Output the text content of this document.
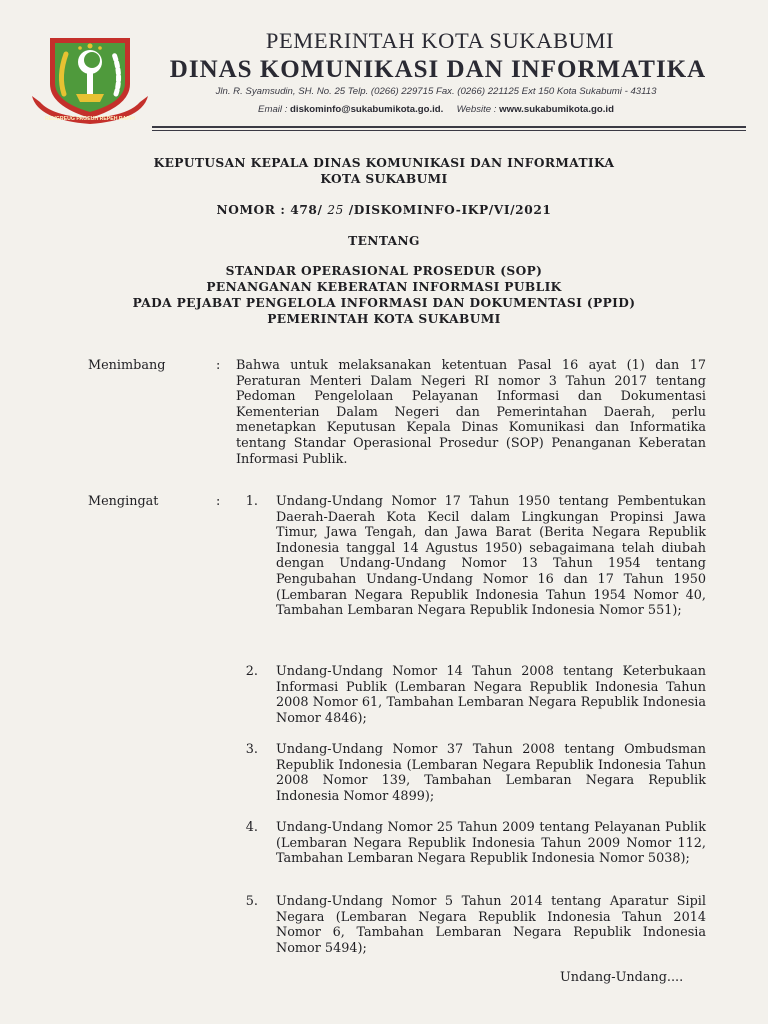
REUGREUG PAGEUH REPEH RAPIH
PEMERINTAH KOTA SUKABUMI
DINAS KOMUNIKASI DAN INFORMATIKA
Jln. R. Syamsudin, SH. No. 25 Telp. (0266) 229715 Fax. (0266) 221125 Ext 150 Kota Sukabumi - 43113
Email : diskominfo@sukabumikota.go.id. Website : www.sukabumikota.go.id
KEPUTUSAN KEPALA DINAS KOMUNIKASI DAN INFORMATIKA
KOTA SUKABUMI
NOMOR : 478/ 25 /DISKOMINFO-IKP/VI/2021
TENTANG
STANDAR OPERASIONAL PROSEDUR (SOP)
PENANGANAN KEBERATAN INFORMASI PUBLIK
PADA PEJABAT PENGELOLA INFORMASI DAN DOKUMENTASI (PPID)
PEMERINTAH KOTA SUKABUMI
Menimbang	: Bahwa untuk melaksanakan ketentuan Pasal 16 ayat (1) dan 17 Peraturan Menteri Dalam Negeri RI nomor 3 Tahun 2017 tentang Pedoman Pengelolaan Pelayanan Informasi dan Dokumentasi Kementerian Dalam Negeri dan Pemerintahan Daerah, perlu menetapkan Keputusan Kepala Dinas Komunikasi dan Informatika tentang Standar Operasional Prosedur (SOP) Penanganan Keberatan Informasi Publik.
Mengingat	:	1. Undang-Undang Nomor 17 Tahun 1950 tentang Pembentukan Daerah-Daerah Kota Kecil dalam Lingkungan Propinsi Jawa Timur, Jawa Tengah, dan Jawa Barat (Berita Negara Republik Indonesia tanggal 14 Agustus 1950) sebagaimana telah diubah dengan Undang-Undang Nomor 13 Tahun 1954 tentang Pengubahan Undang-Undang Nomor 16 dan 17 Tahun 1950 (Lembaran Negara Republik Indonesia Tahun 1954 Nomor 40, Tambahan Lembaran Negara Republik Indonesia Nomor 551);
2. Undang-Undang Nomor 14 Tahun 2008 tentang Keterbukaan Informasi Publik (Lembaran Negara Republik Indonesia Tahun 2008 Nomor 61, Tambahan Lembaran Negara Republik Indonesia Nomor 4846);
3. Undang-Undang Nomor 37 Tahun 2008 tentang Ombudsman Republik Indonesia (Lembaran Negara Republik Indonesia Tahun 2008 Nomor 139, Tambahan Lembaran Negara Republik Indonesia Nomor 4899);
4. Undang-Undang Nomor 25 Tahun 2009 tentang Pelayanan Publik (Lembaran Negara Republik Indonesia Tahun 2009 Nomor 112, Tambahan Lembaran Negara Republik Indonesia Nomor 5038);
5. Undang-Undang Nomor 5 Tahun 2014 tentang Aparatur Sipil Negara (Lembaran Negara Republik Indonesia Tahun 2014 Nomor 6, Tambahan Lembaran Negara Republik Indonesia Nomor 5494);
Undang-Undang....
